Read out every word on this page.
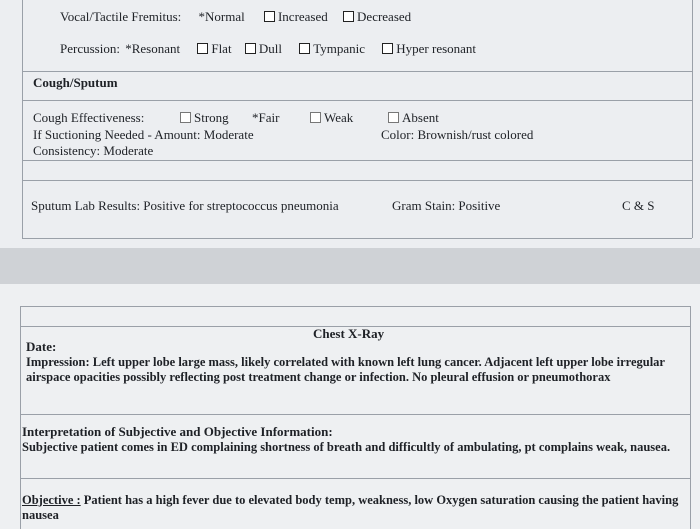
Vocal/Tactile Fremitus: *Normal	Increased Decreased
Percussion: *Resonant Flat Dull Tympanic Hyper resonant
Cough/Sputum
Cough Effectiveness:	Strong *Fair	Weak	Absent
If Suctioning Needed - Amount: Moderate	Color: Brownish/rust colored
Consistency: Moderate
Sputum Lab Results: Positive for streptococcus pneumonia	Gram Stain: Positive	C & S
Chest X-Ray
Date:
Impression: Left upper lobe large mass, likely correlated with known left lung cancer. Adjacent left upper lobe irregular airspace opacities possibly reflecting post treatment change or infection. No pleural effusion or pneumothorax
Interpretation of Subjective and Objective Information:
Subjective patient comes in ED complaining shortness of breath and difficultly of ambulating, pt complains weak, nausea.
Objective : Patient has a high fever due to elevated body temp, weakness, low Oxygen saturation causing the patient having nausea
